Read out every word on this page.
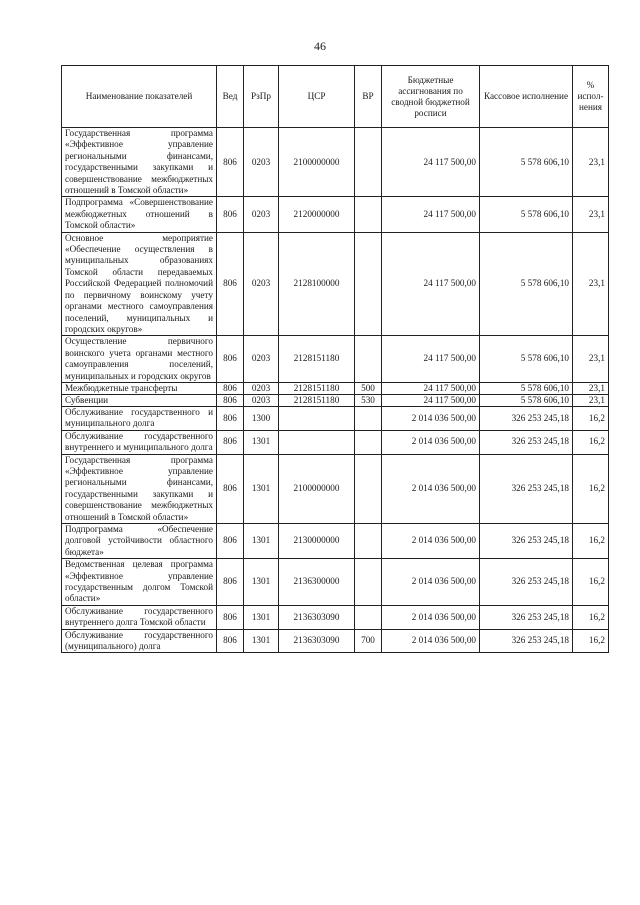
46
Наименование показателей	Вед	РзПр	ЦСР	ВР	Бюджетные ассигнования по сводной бюджетной росписи	Кассовое исполнение	% испол-нения
Государственная программа «Эффективное управление региональными финансами, государственными закупками и совершенствование межбюджетных отношений в Томской области»	806	0203	2100000000		24 117 500,00	5 578 606,10	23,1
Подпрограмма «Совершенствование межбюджетных отношений в Томской области»	806	0203	2120000000		24 117 500,00	5 578 606,10	23,1
Основное мероприятие «Обеспечение осуществления в муниципальных образованиях Томской области передаваемых Российской Федерацией полномочий по первичному воинскому учету органами местного самоуправления поселений, муниципальных и городских округов»	806	0203	2128100000		24 117 500,00	5 578 606,10	23,1
Осуществление первичного воинского учета органами местного самоуправления поселений, муниципальных и городских округов	806	0203	2128151180		24 117 500,00	5 578 606,10	23,1
Межбюджетные трансферты	806	0203	2128151180	500	24 117 500,00	5 578 606,10	23,1
Субвенции	806	0203	2128151180	530	24 117 500,00	5 578 606,10	23,1
Обслуживание государственного и муниципального долга	806	1300			2 014 036 500,00	326 253 245,18	16,2
Обслуживание государственного внутреннего и муниципального долга	806	1301			2 014 036 500,00	326 253 245,18	16,2
Государственная программа «Эффективное управление региональными финансами, государственными закупками и совершенствование межбюджетных отношений в Томской области»	806	1301	2100000000		2 014 036 500,00	326 253 245,18	16,2
Подпрограмма «Обеспечение долговой устойчивости областного бюджета»	806	1301	2130000000		2 014 036 500,00	326 253 245,18	16,2
Ведомственная целевая программа «Эффективное управление государственным долгом Томской области»	806	1301	2136300000		2 014 036 500,00	326 253 245,18	16,2
Обслуживание государственного внутреннего долга Томской области	806	1301	2136303090		2 014 036 500,00	326 253 245,18	16,2
Обслуживание государственного (муниципального) долга	806	1301	2136303090	700	2 014 036 500,00	326 253 245,18	16,2
